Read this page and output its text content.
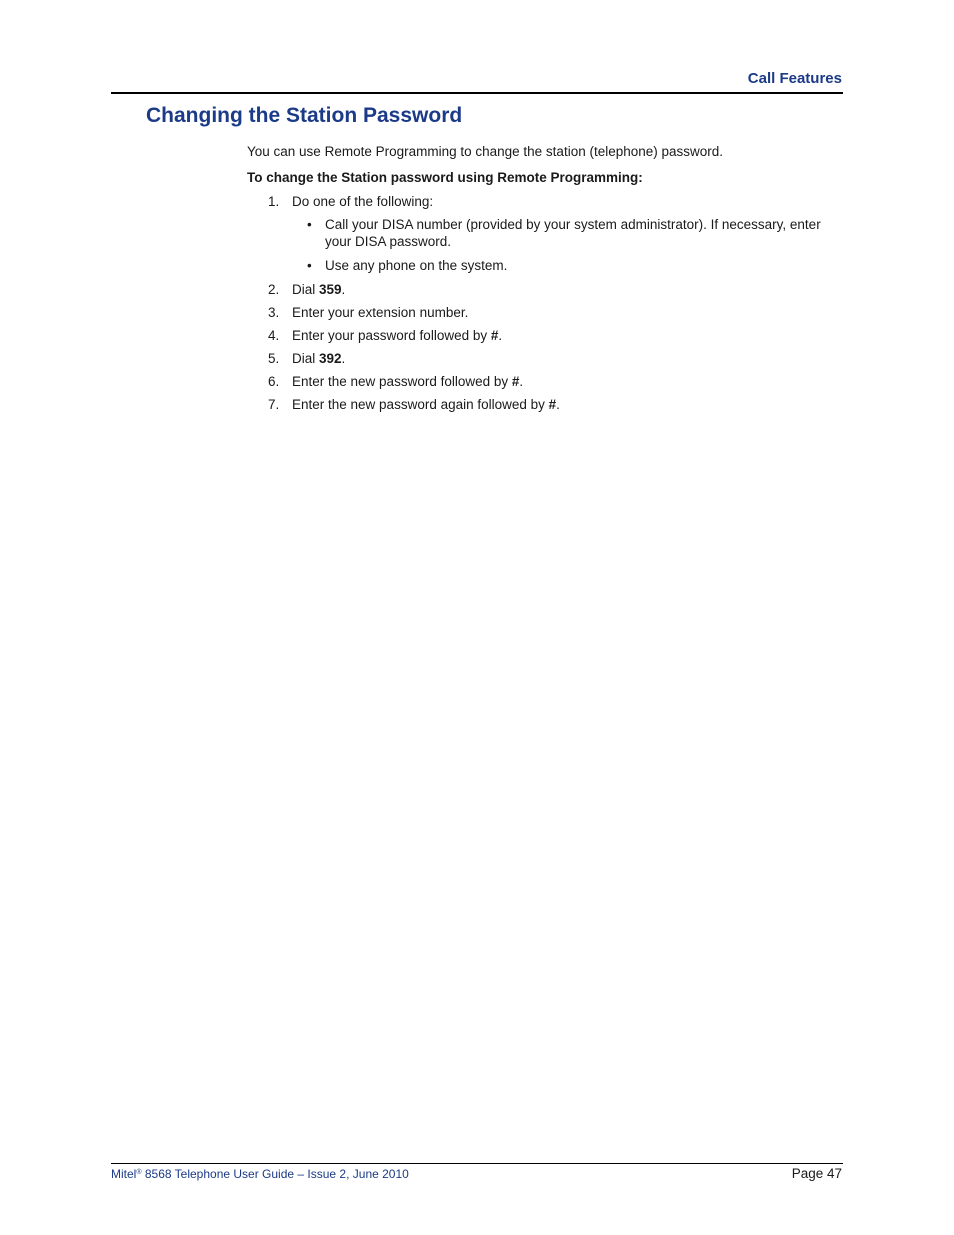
Call Features
Changing the Station Password

You can use Remote Programming to change the station (telephone) password.

To change the Station password using Remote Programming:

1. Do one of the following:
• Call your DISA number (provided by your system administrator). If necessary, enter your DISA password.
• Use any phone on the system.
2. Dial 359.
3. Enter your extension number.
4. Enter your password followed by #.
5. Dial 392.
6. Enter the new password followed by #.
7. Enter the new password again followed by #.
Mitel® 8568 Telephone User Guide – Issue 2, June 2010	Page 47
